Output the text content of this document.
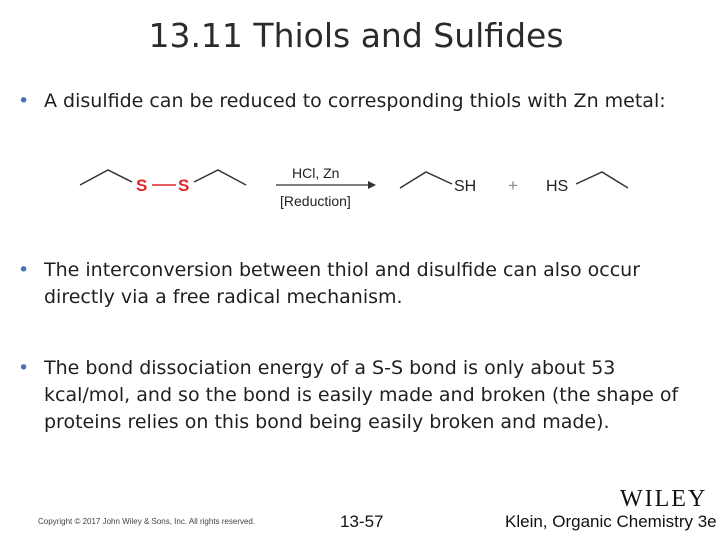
13.11 Thiols and Sulfides
• A disulfide can be reduced to corresponding thiols with Zn metal:
S S
HCl, Zn
[Reduction]
SH + HS
• The interconversion between thiol and disulfide can also occur directly via a free radical mechanism.
• The bond dissociation energy of a S-S bond is only about 53 kcal/mol, and so the bond is easily made and broken (the shape of proteins relies on this bond being easily broken and made).
Copyright © 2017 John Wiley & Sons, Inc. All rights reserved.	13-57
WILEY
Klein, Organic Chemistry 3e
